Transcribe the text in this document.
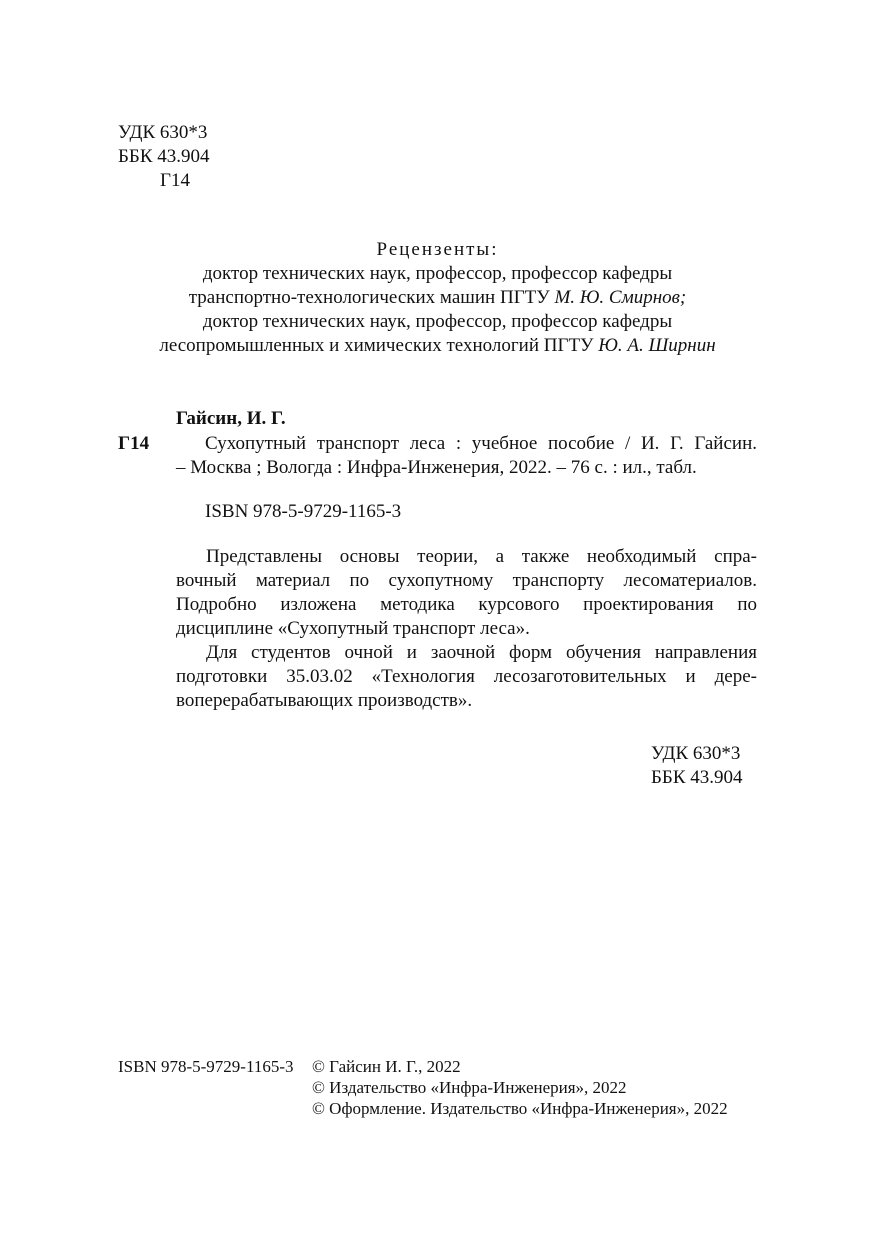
УДК 630*3
ББК 43.904
Г14
Рецензенты:
доктор технических наук, профессор, профессор кафедры
транспортно-технологических машин ПГТУ М. Ю. Смирнов;
доктор технических наук, профессор, профессор кафедры
лесопромышленных и химических технологий ПГТУ Ю. А. Ширнин
Гайсин, И. Г.
Г14	Сухопутный транспорт леса : учебное пособие / И. Г. Гайсин.
– Москва ; Вологда : Инфра-Инженерия, 2022. – 76 с. : ил., табл.
ISBN 978-5-9729-1165-3
Представлены основы теории, а также необходимый спра-
вочный материал по сухопутному транспорту лесоматериалов.
Подробно изложена методика курсового проектирования по
дисциплине «Сухопутный транспорт леса».
Для студентов очной и заочной форм обучения направления
подготовки 35.03.02 «Технология лесозаготовительных и дере-
воперерабатывающих производств».
УДК 630*3
ББК 43.904
ISBN 978-5-9729-1165-3 © Гайсин И. Г., 2022
© Издательство «Инфра-Инженерия», 2022
© Оформление. Издательство «Инфра-Инженерия», 2022
